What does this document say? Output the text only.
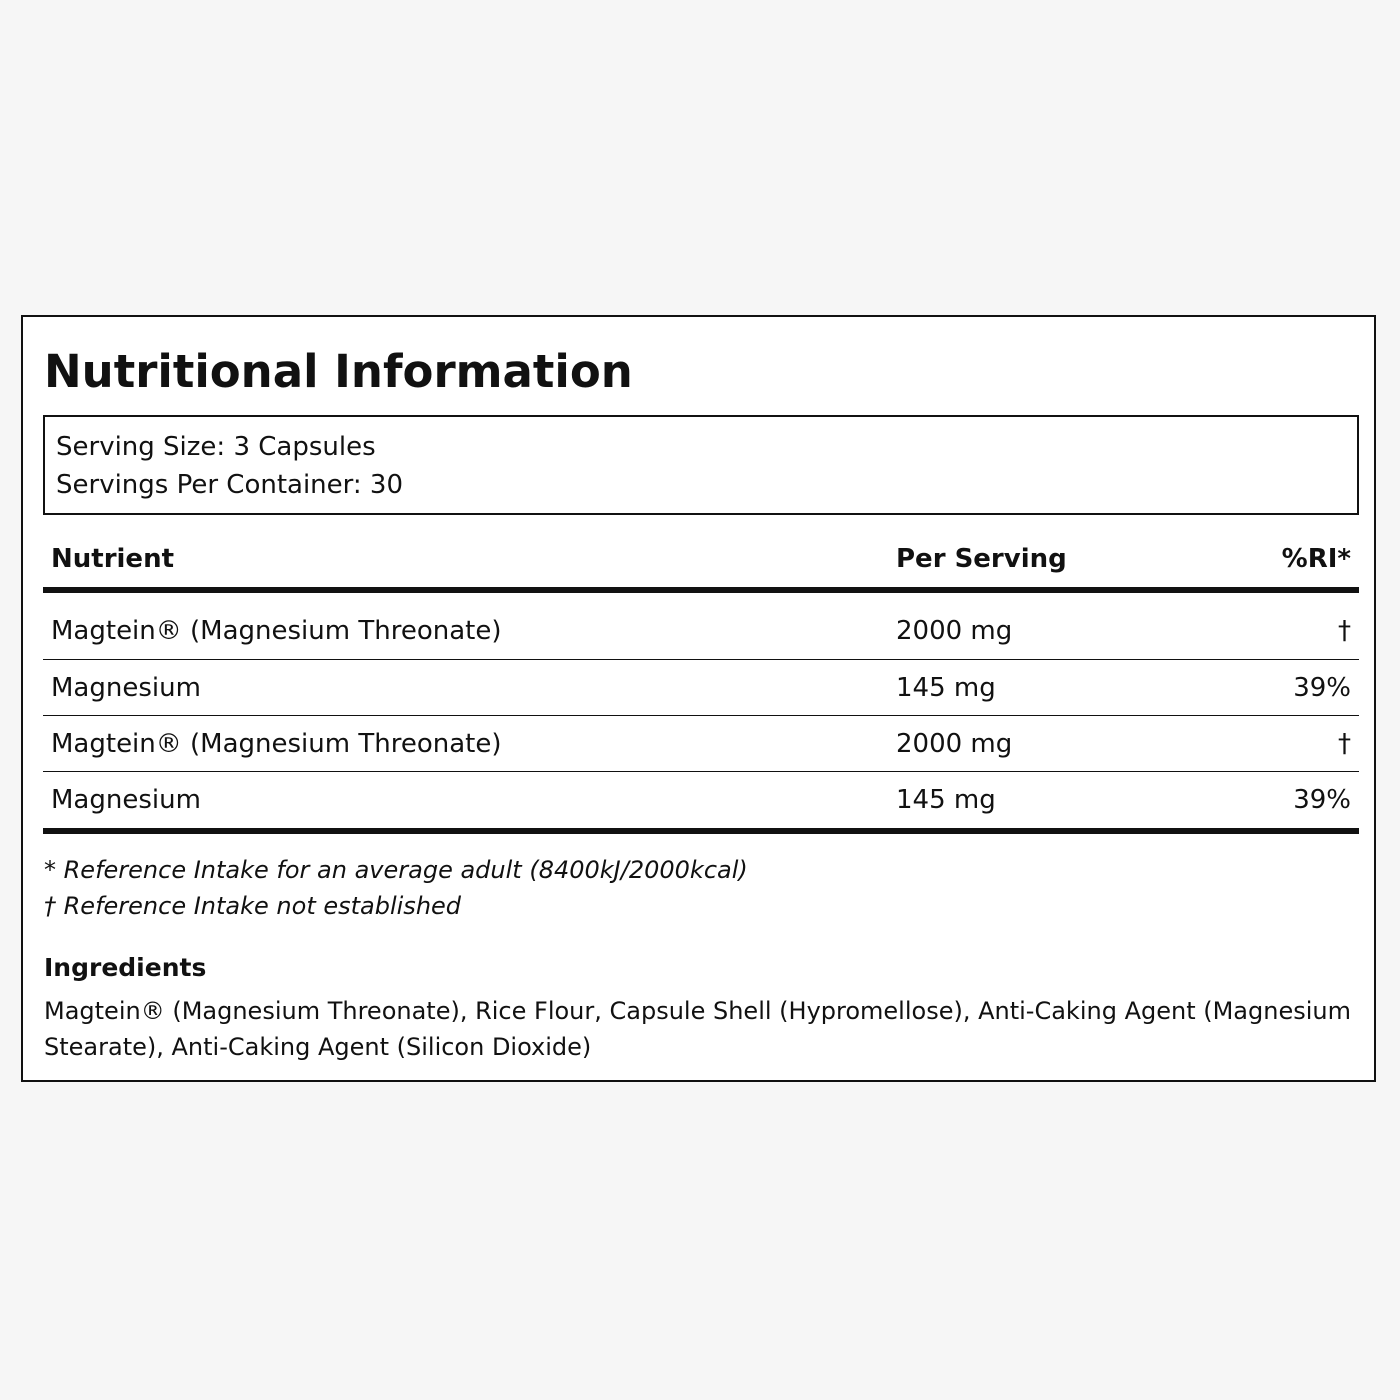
Nutritional Information
Serving Size: 3 Capsules
Servings Per Container: 30
Nutrient	Per Serving	%RI*
Magtein® (Magnesium Threonate)	2000 mg	†
Magnesium	145 mg	39%
Magtein® (Magnesium Threonate)	2000 mg	†
Magnesium	145 mg	39%
* Reference Intake for an average adult (8400kJ/2000kcal)
† Reference Intake not established
Ingredients

Magtein® (Magnesium Threonate), Rice Flour, Capsule Shell (Hypromellose), Anti-Caking Agent (Magnesium Stearate), Anti-Caking Agent (Silicon Dioxide)
